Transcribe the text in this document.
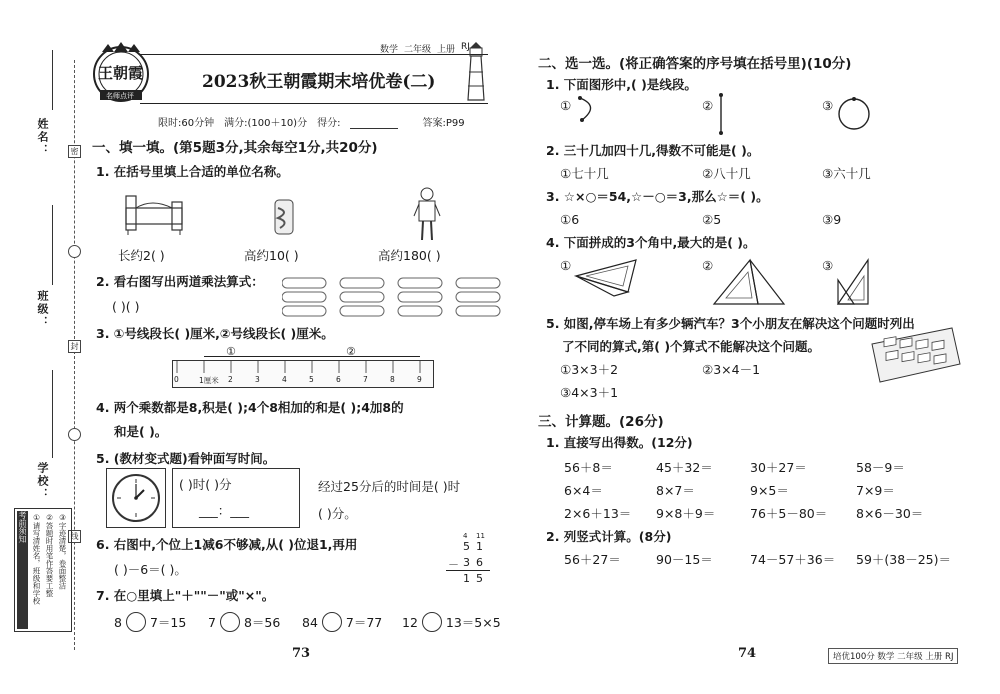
姓名：
班级：
学校：
密
封
线
考前须知 ①请写清姓名，班级和学校 ②答题时用笔作答要工整 ③字迹清楚，卷面整洁
王朝霞
名师点评
数学 二年级 上册 RJ
2023秋王朝霞期末培优卷(二)
限时:60分钟 满分:(100＋10)分 得分:	答案:P99
一、填一填。(第5题3分,其余每空1分,共20分)
1. 在括号里填上合适的单位名称。
长约2( )	高约10( )	高约180( )
2. 看右图写出两道乘法算式：
( )( )
3. ①号线段长( )厘米,②号线段长( )厘米。
0	1厘米 2	3	4	5	6	7	8	9
①	②
4. 两个乘数都是8,积是( );4个8相加的和是( );4加8的
和是( )。
5. (教材变式题)看钟面写时间。
( )时( )分
___：___
经过25分后的时间是( )时
( )分。
6. 右图中,个位上1减6不够减,从( )位退1,再用
( )－6＝( )。
4 11
5 1
－ 3 6
1 5
7. 在○里填上"＋""－"或"×"。
8 7＝15 7 8＝56 84 7＝77 12 13＝5×5
73
二、选一选。(将正确答案的序号填在括号里)(10分)
1. 下面图形中,( )是线段。
①	②	③
2. 三十几加四十几,得数不可能是( )。
①七十几	②八十几	③六十几
3. ☆×○＝54,☆－○＝3,那么☆＝( )。
①6	②5	③9
4. 下面拼成的3个角中,最大的是( )。
①	②	③
5. 如图,停车场上有多少辆汽车？3个小朋友在解决这个问题时列出
了不同的算式,第( )个算式不能解决这个问题。
①3×3＋2	②3×4－1
③4×3＋1
三、计算题。(26分)
1. 直接写出得数。(12分)
56＋8＝	45＋32＝	30＋27＝	58－9＝
6×4＝	8×7＝	9×5＝	7×9＝
2×6＋13＝ 9×8＋9＝	76＋5－80＝ 8×6－30＝
2. 列竖式计算。(8分)
56＋27＝	90－15＝	74－57＋36＝ 59＋(38－25)＝
74	培优100分 数学 二年级 上册 RJ
